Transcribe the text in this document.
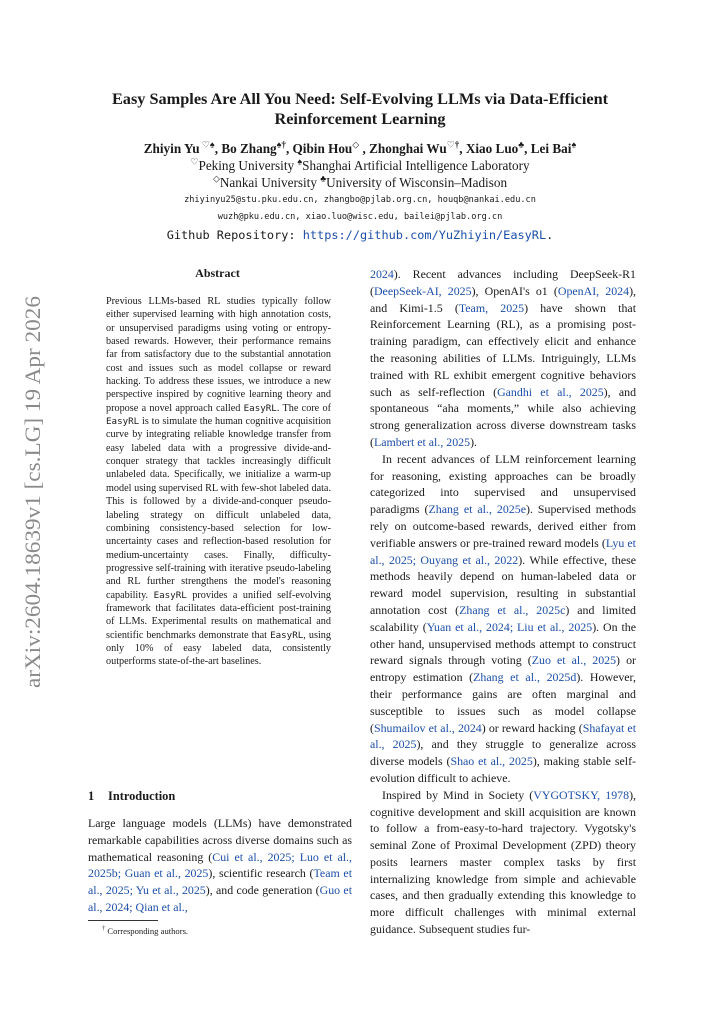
arXiv:2604.18639v1 [cs.LG] 19 Apr 2026
Easy Samples Are All You Need: Self-Evolving LLMs via Data-Efficient Reinforcement Learning
Zhiyin Yu ♡♠, Bo Zhang♠†, Qibin Hou◇ , Zhonghai Wu♡†, Xiao Luo♣, Lei Bai♠
♡Peking University ♠Shanghai Artificial Intelligence Laboratory
◇Nankai University ♣University of Wisconsin–Madison
zhiyinyu25@stu.pku.edu.cn, zhangbo@pjlab.org.cn, houqb@nankai.edu.cn
wuzh@pku.edu.cn, xiao.luo@wisc.edu, bailei@pjlab.org.cn
Github Repository: https://github.com/YuZhiyin/EasyRL.
Abstract
Previous LLMs-based RL studies typically follow either supervised learning with high annotation costs, or unsupervised paradigms using voting or entropy-based rewards. However, their performance remains far from satisfactory due to the substantial annotation cost and issues such as model collapse or reward hacking. To address these issues, we introduce a new perspective inspired by cognitive learning theory and propose a novel approach called EasyRL. The core of EasyRL is to simulate the human cognitive acquisition curve by integrating reliable knowledge transfer from easy labeled data with a progressive divide-and-conquer strategy that tackles increasingly difficult unlabeled data. Specifically, we initialize a warm-up model using supervised RL with few-shot labeled data. This is followed by a divide-and-conquer pseudo-labeling strategy on difficult unlabeled data, combining consistency-based selection for low-uncertainty cases and reflection-based resolution for medium-uncertainty cases. Finally, difficulty-progressive self-training with iterative pseudo-labeling and RL further strengthens the model's reasoning capability. EasyRL provides a unified self-evolving framework that facilitates data-efficient post-training of LLMs. Experimental results on mathematical and scientific benchmarks demonstrate that EasyRL, using only 10% of easy labeled data, consistently outperforms state-of-the-art baselines.
1 Introduction
Large language models (LLMs) have demonstrated remarkable capabilities across diverse domains such as mathematical reasoning (Cui et al., 2025; Luo et al., 2025b; Guan et al., 2025), scientific research (Team et al., 2025; Yu et al., 2025), and code generation (Guo et al., 2024; Qian et al.,
† Corresponding authors.

2024). Recent advances including DeepSeek-R1 (DeepSeek-AI, 2025), OpenAI's o1 (OpenAI, 2024), and Kimi-1.5 (Team, 2025) have shown that Reinforcement Learning (RL), as a promising post-training paradigm, can effectively elicit and enhance the reasoning abilities of LLMs. Intriguingly, LLMs trained with RL exhibit emergent cognitive behaviors such as self-reflection (Gandhi et al., 2025), and spontaneous “aha moments,” while also achieving strong generalization across diverse downstream tasks (Lambert et al., 2025).

In recent advances of LLM reinforcement learning for reasoning, existing approaches can be broadly categorized into supervised and unsupervised paradigms (Zhang et al., 2025e). Supervised methods rely on outcome-based rewards, derived either from verifiable answers or pre-trained reward models (Lyu et al., 2025; Ouyang et al., 2022). While effective, these methods heavily depend on human-labeled data or reward model supervision, resulting in substantial annotation cost (Zhang et al., 2025c) and limited scalability (Yuan et al., 2024; Liu et al., 2025). On the other hand, unsupervised methods attempt to construct reward signals through voting (Zuo et al., 2025) or entropy estimation (Zhang et al., 2025d). However, their performance gains are often marginal and susceptible to issues such as model collapse (Shumailov et al., 2024) or reward hacking (Shafayat et al., 2025), and they struggle to generalize across diverse models (Shao et al., 2025), making stable self-evolution difficult to achieve.

Inspired by Mind in Society (VYGOTSKY, 1978), cognitive development and skill acquisition are known to follow a from-easy-to-hard trajectory. Vygotsky's seminal Zone of Proximal Development (ZPD) theory posits learners master complex tasks by first internalizing knowledge from simple and achievable cases, and then gradually extending this knowledge to more difficult challenges with minimal external guidance. Subsequent studies fur-
